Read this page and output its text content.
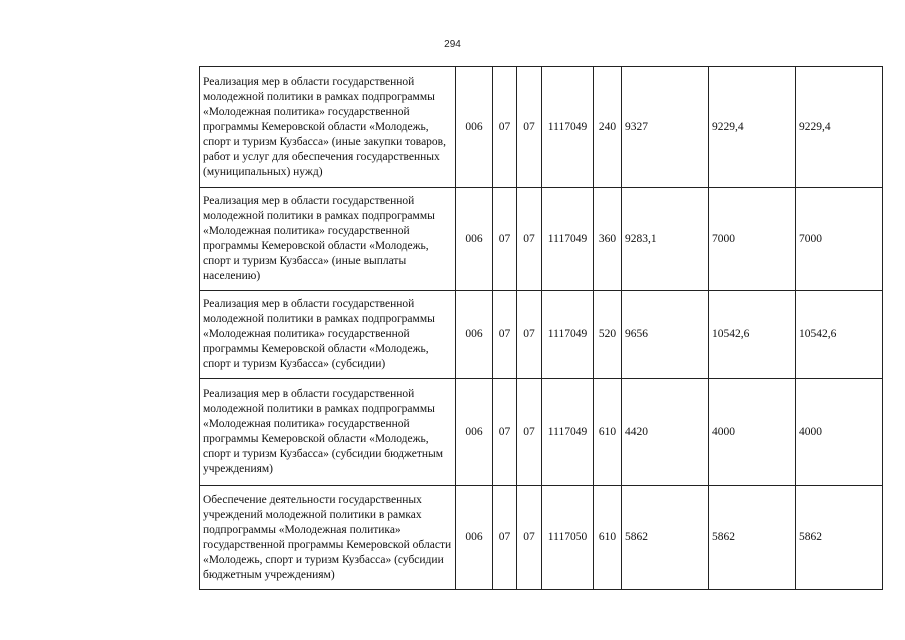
294
Реализация мер в области государственной молодежной политики в рамках подпрограммы «Молодежная политика» государственной программы Кемеровской области «Молодежь, спорт и туризм Кузбасса» (иные закупки товаров, работ и услуг для обеспечения государственных (муниципальных) нужд)	006	07	07	1117049	240	9327	9229,4	9229,4
Реализация мер в области государственной молодежной политики в рамках подпрограммы «Молодежная политика» государственной программы Кемеровской области «Молодежь, спорт и туризм Кузбасса» (иные выплаты населению)	006	07	07	1117049	360	9283,1	7000	7000
Реализация мер в области государственной молодежной политики в рамках подпрограммы «Молодежная политика» государственной программы Кемеровской области «Молодежь, спорт и туризм Кузбасса» (субсидии)	006	07	07	1117049	520	9656	10542,6	10542,6
Реализация мер в области государственной молодежной политики в рамках подпрограммы «Молодежная политика» государственной программы Кемеровской области «Молодежь, спорт и туризм Кузбасса» (субсидии бюджетным учреждениям)	006	07	07	1117049	610	4420	4000	4000
Обеспечение деятельности государственных учреждений молодежной политики в рамках подпрограммы «Молодежная политика» государственной программы Кемеровской области «Молодежь, спорт и туризм Кузбасса» (субсидии бюджетным учреждениям)	006	07	07	1117050	610	5862	5862	5862
